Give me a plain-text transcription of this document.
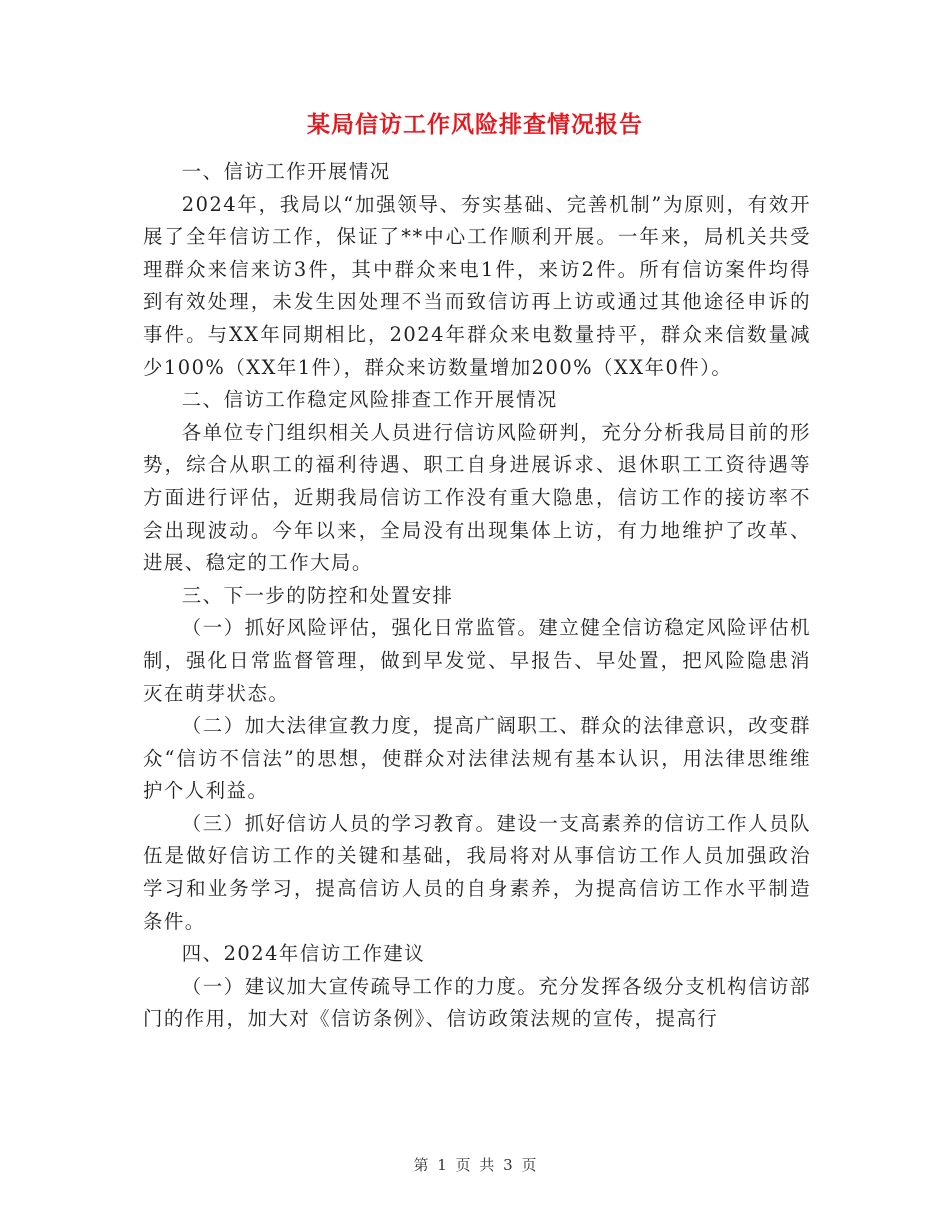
某局信访工作风险排查情况报告

一、信访工作开展情况

2024年，我局以“加强领导、夯实基础、完善机制”为原则，有效开展了全年信访工作，保证了**中心工作顺利开展。一年来，局机关共受理群众来信来访3件，其中群众来电1件，来访2件。所有信访案件均得到有效处理，未发生因处理不当而致信访再上访或通过其他途径申诉的事件。与XX年同期相比，2024年群众来电数量持平，群众来信数量减少100%（XX年1件），群众来访数量增加200%（XX年0件）。

二、信访工作稳定风险排查工作开展情况

各单位专门组织相关人员进行信访风险研判，充分分析我局目前的形势，综合从职工的福利待遇、职工自身进展诉求、退休职工工资待遇等方面进行评估，近期我局信访工作没有重大隐患，信访工作的接访率不会出现波动。今年以来，全局没有出现集体上访，有力地维护了改革、进展、稳定的工作大局。

三、下一步的防控和处置安排

（一）抓好风险评估，强化日常监管。建立健全信访稳定风险评估机制，强化日常监督管理，做到早发觉、早报告、早处置，把风险隐患消灭在萌芽状态。

（二）加大法律宣教力度，提高广阔职工、群众的法律意识，改变群众“信访不信法”的思想，使群众对法律法规有基本认识，用法律思维维护个人利益。

（三）抓好信访人员的学习教育。建设一支高素养的信访工作人员队伍是做好信访工作的关键和基础，我局将对从事信访工作人员加强政治学习和业务学习，提高信访人员的自身素养，为提高信访工作水平制造条件。

四、2024年信访工作建议

（一）建议加大宣传疏导工作的力度。充分发挥各级分支机构信访部门的作用，加大对《信访条例》、信访政策法规的宣传，提高行

第 1 页 共 3 页
